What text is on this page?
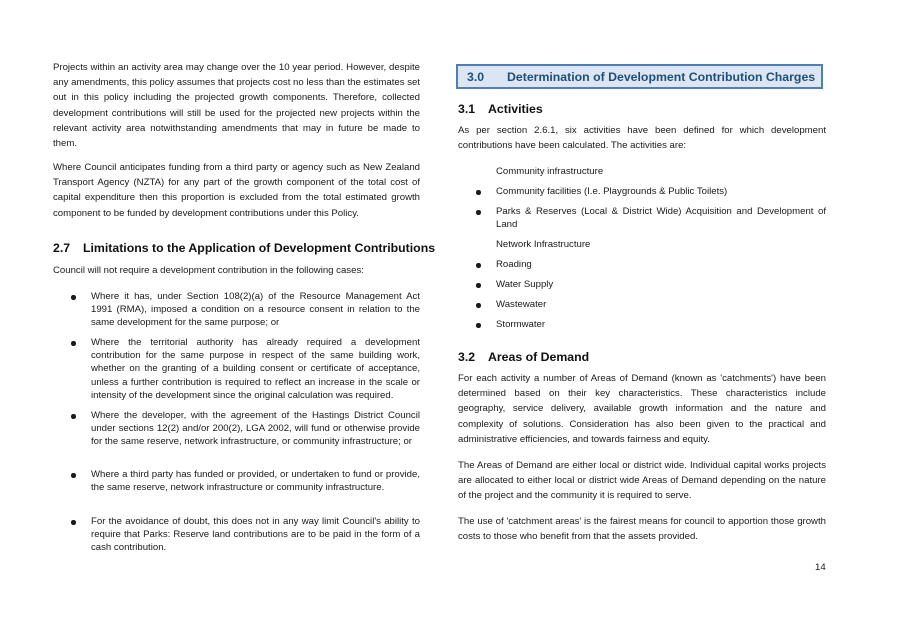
Projects within an activity area may change over the 10 year period. However, despite any amendments, this policy assumes that projects cost no less than the estimates set out in this policy including the projected growth components. Therefore, collected development contributions will still be used for the projected new projects within the relevant activity area notwithstanding amendments that may in future be made to them.

Where Council anticipates funding from a third party or agency such as New Zealand Transport Agency (NZTA) for any part of the growth component of the total cost of capital expenditure then this proportion is excluded from the total estimated growth component to be funded by development contributions under this Policy.

2.7 Limitations to the Application of Development Contributions

Council will not require a development contribution in the following cases:

Where it has, under Section 108(2)(a) of the Resource Management Act 1991 (RMA), imposed a condition on a resource consent in relation to the same development for the same purpose; or
Where the territorial authority has already required a development contribution for the same purpose in respect of the same building work, whether on the granting of a building consent or certificate of acceptance, unless a further contribution is required to reflect an increase in the scale or intensity of the development since the original calculation was required.
Where the developer, with the agreement of the Hastings District Council under sections 12(2) and/or 200(2), LGA 2002, will fund or otherwise provide for the same reserve, network infrastructure, or community infrastructure; or
Where a third party has funded or provided, or undertaken to fund or provide, the same reserve, network infrastructure or community infrastructure.
For the avoidance of doubt, this does not in any way limit Council's ability to require that Parks: Reserve land contributions are to be paid in the form of a cash contribution.
3.0 Determination of Development Contribution Charges
3.1 Activities

As per section 2.6.1, six activities have been defined for which development contributions have been calculated. The activities are:

Community infrastructure
Community facilities (I.e. Playgrounds & Public Toilets)
Parks & Reserves (Local & District Wide) Acquisition and Development of Land
Network Infrastructure
Roading
Water Supply
Wastewater
Stormwater
3.2 Areas of Demand

For each activity a number of Areas of Demand (known as 'catchments') have been determined based on their key characteristics. These characteristics include geography, service delivery, available growth information and the nature and complexity of solutions. Consideration has also been given to the practical and administrative efficiencies, and towards fairness and equity.

The Areas of Demand are either local or district wide. Individual capital works projects are allocated to either local or district wide Areas of Demand depending on the nature of the project and the community it is required to serve.

The use of 'catchment areas' is the fairest means for council to apportion those growth costs to those who benefit from that the assets provided.

14
